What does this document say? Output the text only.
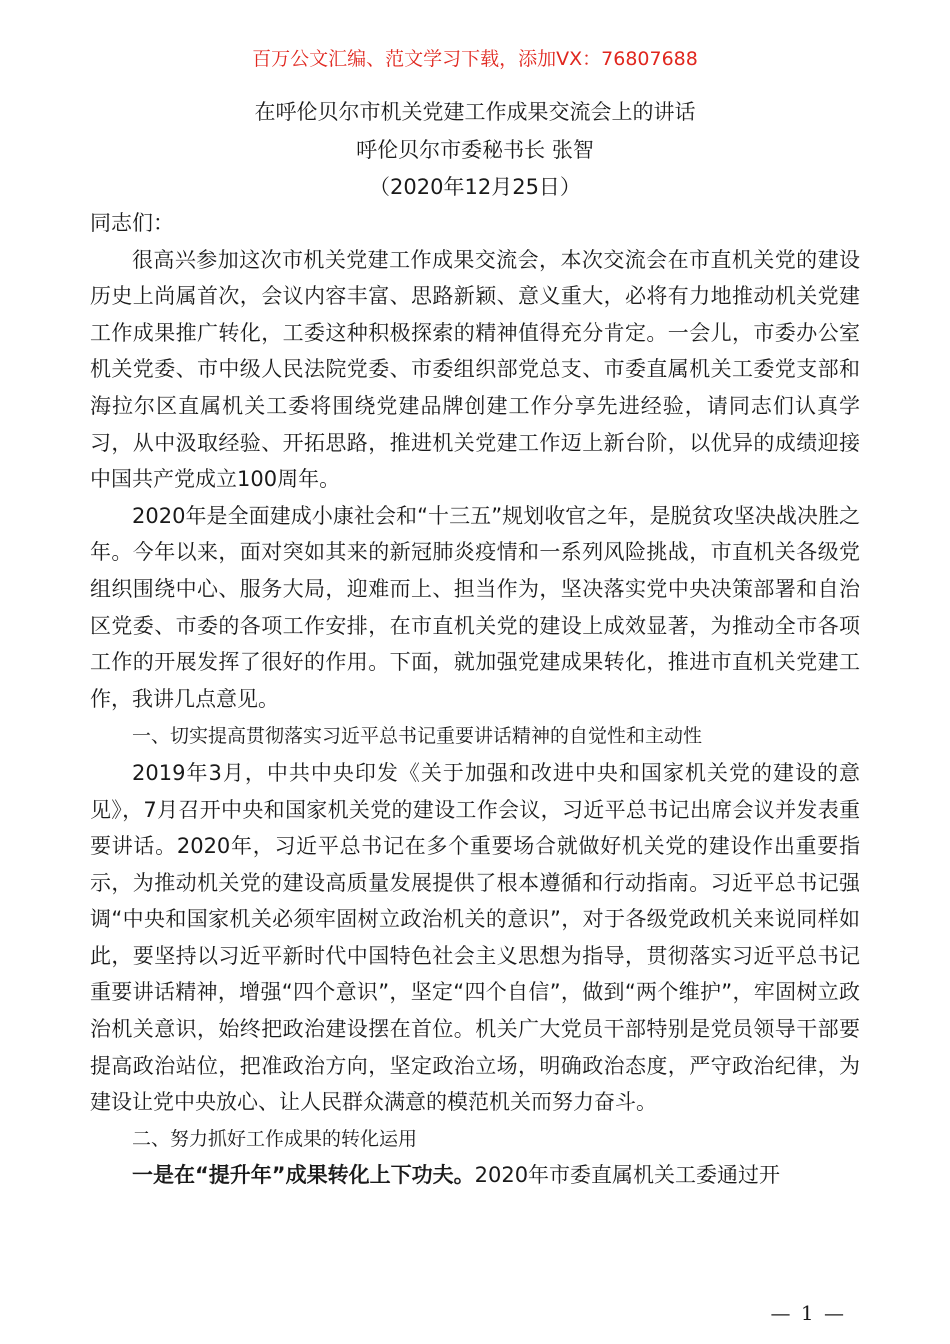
百万公文汇编、范文学习下载，添加VX：76807688
在呼伦贝尔市机关党建工作成果交流会上的讲话
呼伦贝尔市委秘书长 张智
（2020年12月25日）

同志们：

很高兴参加这次市机关党建工作成果交流会，本次交流会在市直机关党的建设历史上尚属首次，会议内容丰富、思路新颖、意义重大，必将有力地推动机关党建工作成果推广转化，工委这种积极探索的精神值得充分肯定。一会儿，市委办公室机关党委、市中级人民法院党委、市委组织部党总支、市委直属机关工委党支部和海拉尔区直属机关工委将围绕党建品牌创建工作分享先进经验，请同志们认真学习，从中汲取经验、开拓思路，推进机关党建工作迈上新台阶，以优异的成绩迎接中国共产党成立100周年。

2020年是全面建成小康社会和“十三五”规划收官之年，是脱贫攻坚决战决胜之年。今年以来，面对突如其来的新冠肺炎疫情和一系列风险挑战，市直机关各级党组织围绕中心、服务大局，迎难而上、担当作为，坚决落实党中央决策部署和自治区党委、市委的各项工作安排，在市直机关党的建设上成效显著，为推动全市各项工作的开展发挥了很好的作用。下面，就加强党建成果转化，推进市直机关党建工作，我讲几点意见。

一、切实提高贯彻落实习近平总书记重要讲话精神的自觉性和主动性

2019年3月，中共中央印发《关于加强和改进中央和国家机关党的建设的意见》，7月召开中央和国家机关党的建设工作会议，习近平总书记出席会议并发表重要讲话。2020年，习近平总书记在多个重要场合就做好机关党的建设作出重要指示，为推动机关党的建设高质量发展提供了根本遵循和行动指南。习近平总书记强调“中央和国家机关必须牢固树立政治机关的意识”，对于各级党政机关来说同样如此，要坚持以习近平新时代中国特色社会主义思想为指导，贯彻落实习近平总书记重要讲话精神，增强“四个意识”，坚定“四个自信”，做到“两个维护”，牢固树立政治机关意识，始终把政治建设摆在首位。机关广大党员干部特别是党员领导干部要提高政治站位，把准政治方向，坚定政治立场，明确政治态度，严守政治纪律，为建设让党中央放心、让人民群众满意的模范机关而努力奋斗。

二、努力抓好工作成果的转化运用

一是在“提升年”成果转化上下功夫。2020年市委直属机关工委通过开

— 1 —
